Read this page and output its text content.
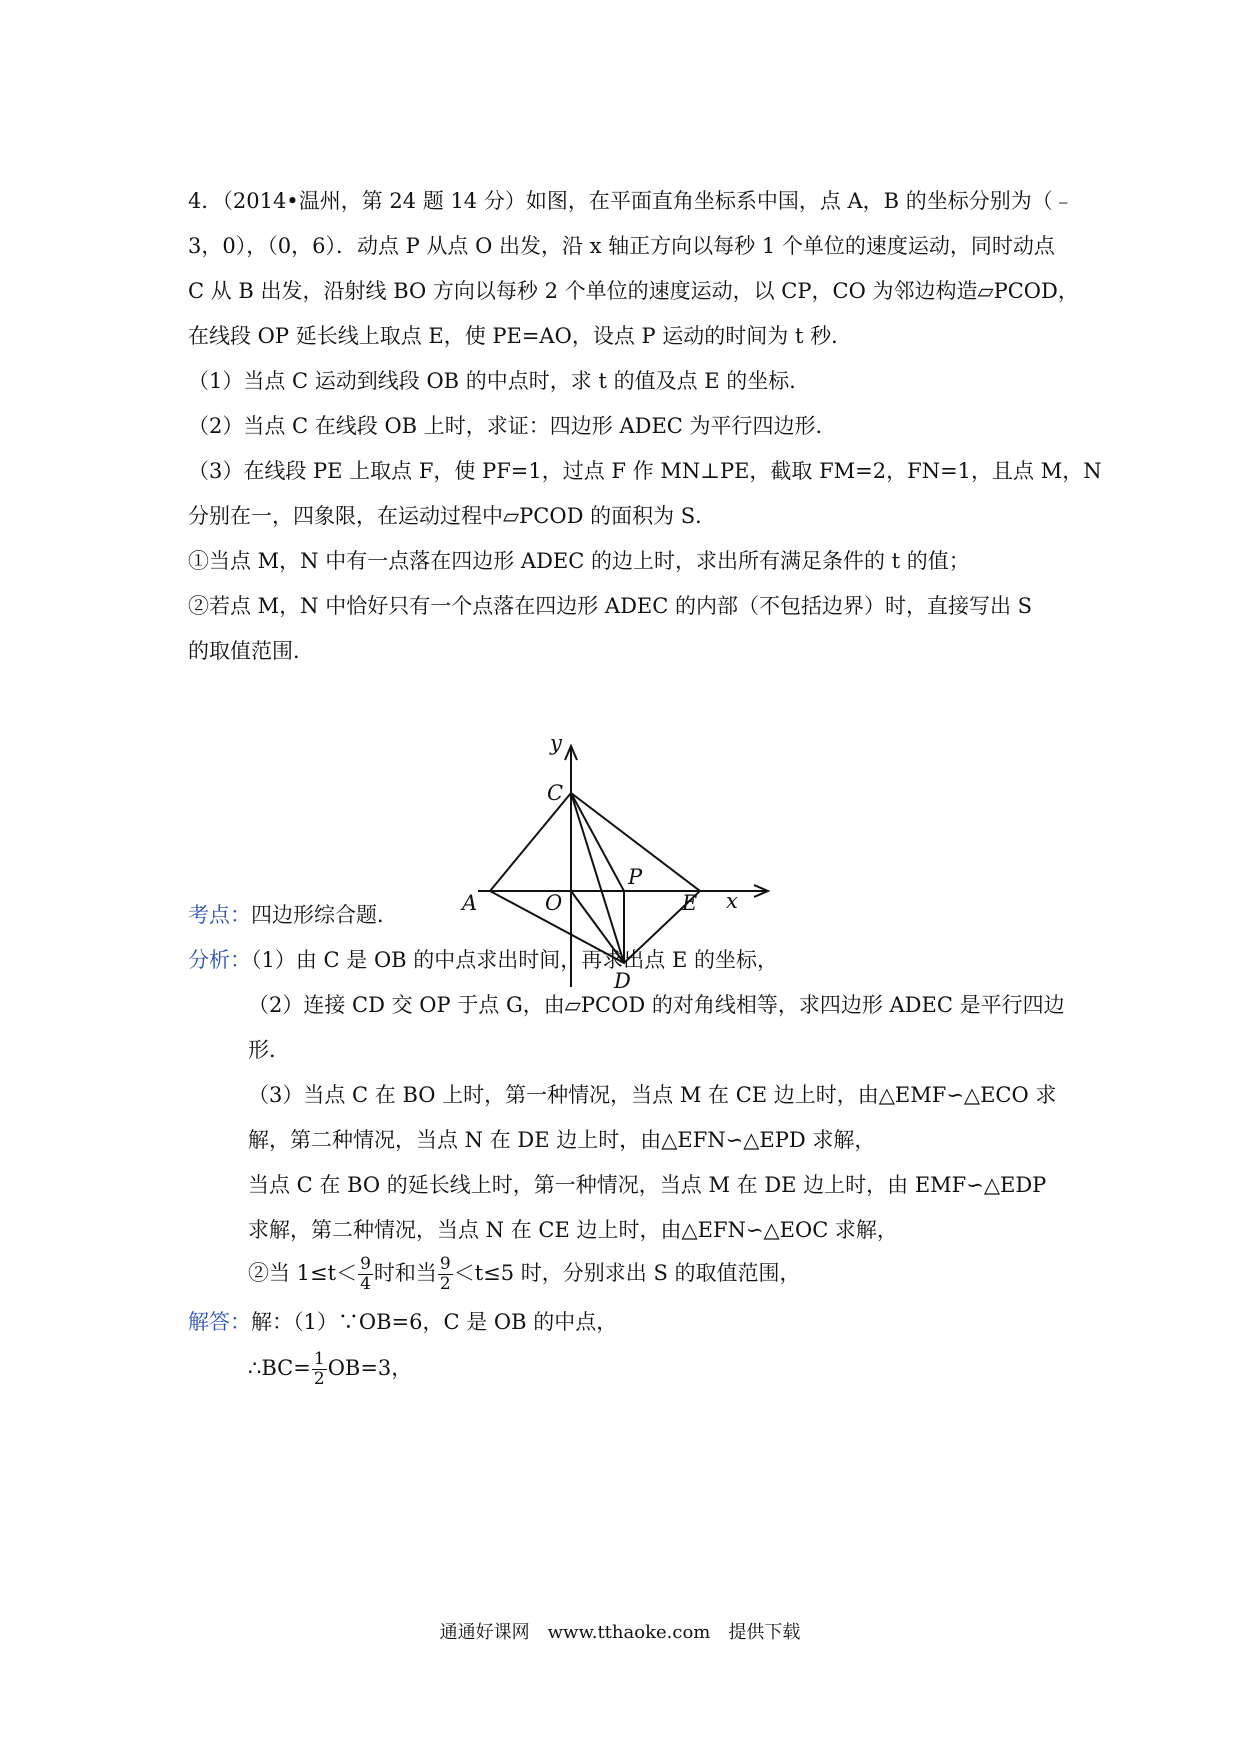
4．（2014•温州，第 24 题 14 分）如图，在平面直角坐标系中国，点 A，B 的坐标分别为（﹣
3，0），（0，6）．动点 P 从点 O 出发，沿 x 轴正方向以每秒 1 个单位的速度运动，同时动点
C 从 B 出发，沿射线 BO 方向以每秒 2 个单位的速度运动，以 CP，CO 为邻边构造▱PCOD，
在线段 OP 延长线上取点 E，使 PE=AO，设点 P 运动的时间为 t 秒．
（1）当点 C 运动到线段 OB 的中点时，求 t 的值及点 E 的坐标．
（2）当点 C 在线段 OB 上时，求证：四边形 ADEC 为平行四边形．
（3）在线段 PE 上取点 F，使 PF=1，过点 F 作 MN⊥PE，截取 FM=2，FN=1，且点 M，N
分别在一，四象限，在运动过程中▱PCOD 的面积为 S．
①当点 M，N 中有一点落在四边形 ADEC 的边上时，求出所有满足条件的 t 的值；
②若点 M，N 中恰好只有一个点落在四边形 ADEC 的内部（不包括边界）时，直接写出 S
的取值范围．
y
x
A	O
P
E
C
D
考点：四边形综合题．
分析：（1）由 C 是 OB 的中点求出时间，再求出点 E 的坐标，
（2）连接 CD 交 OP 于点 G，由▱PCOD 的对角线相等，求四边形 ADEC 是平行四边
形．
（3）当点 C 在 BO 上时，第一种情况，当点 M 在 CE 边上时，由△EMF∽△ECO 求
解，第二种情况，当点 N 在 DE 边上时，由△EFN∽△EPD 求解，
当点 C 在 BO 的延长线上时，第一种情况，当点 M 在 DE 边上时，由 EMF∽△EDP
求解，第二种情况，当点 N 在 CE 边上时，由△EFN∽△EOC 求解，
②当 $1\le t< \frac{9}{4}$ 时和当 $\frac{9}{2} <t\le 5$ 时，分别求出 S 的取值范围，
解答：解：（1）∵OB=6，C 是 OB 的中点，
∴BC= $\frac{1}{2} OB=3$，
通通好课网　www.tthaoke.com　提供下载
